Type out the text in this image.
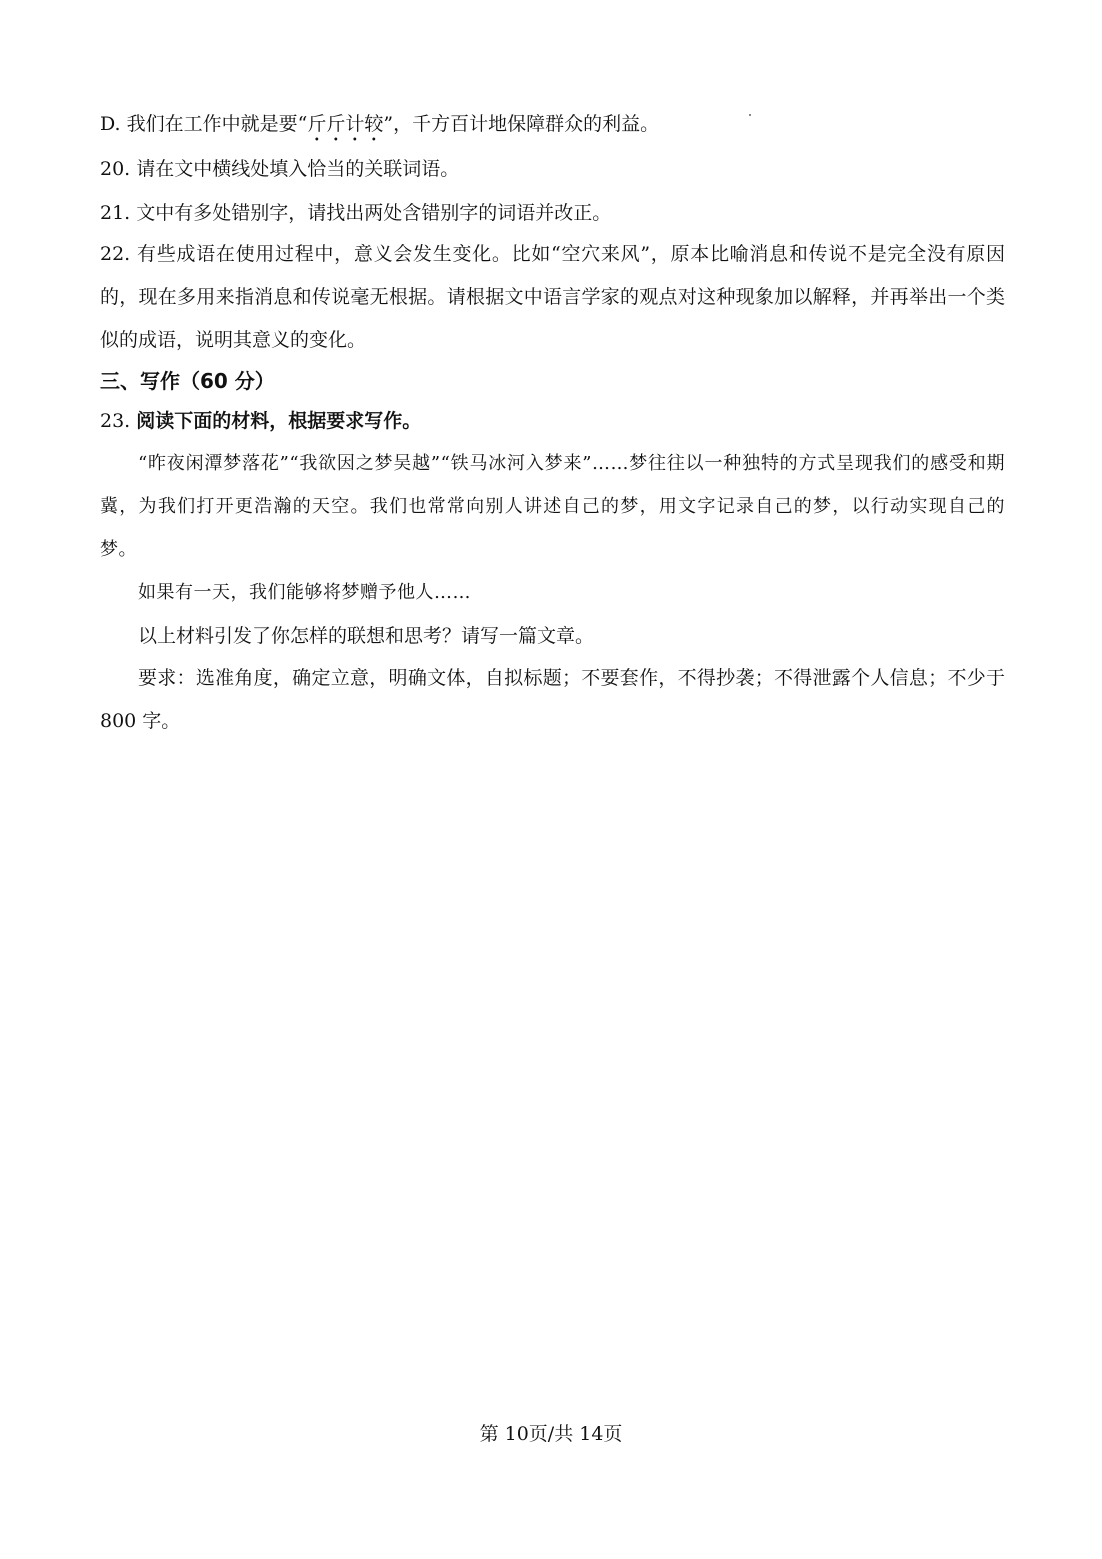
D. 我们在工作中就是要“斤斤计较”，千方百计地保障群众的利益。

20. 请在文中横线处填入恰当的关联词语。

21. 文中有多处错别字，请找出两处含错别字的词语并改正。

22. 有些成语在使用过程中，意义会发生变化。比如“空穴来风”，原本比喻消息和传说不是完全没有原因的，现在多用来指消息和传说毫无根据。请根据文中语言学家的观点对这种现象加以解释，并再举出一个类似的成语，说明其意义的变化。

三、写作（60 分）

23. 阅读下面的材料，根据要求写作。

“昨夜闲潭梦落花”“我欲因之梦吴越”“铁马冰河入梦来”……梦往往以一种独特的方式呈现我们的感受和期冀，为我们打开更浩瀚的天空。我们也常常向别人讲述自己的梦，用文字记录自己的梦，以行动实现自己的梦。

如果有一天，我们能够将梦赠予他人……

以上材料引发了你怎样的联想和思考？请写一篇文章。

要求：选准角度，确定立意，明确文体，自拟标题；不要套作，不得抄袭；不得泄露个人信息；不少于 800 字。

第 10页/共 14页
